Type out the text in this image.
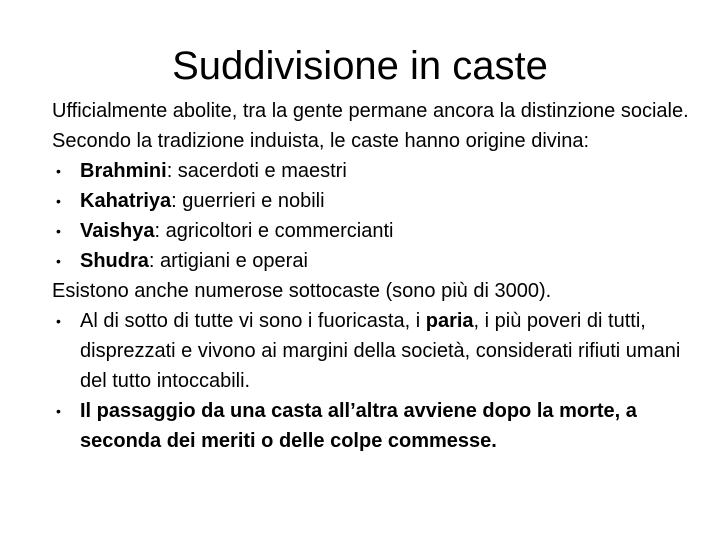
Suddivisione in caste

Ufficialmente abolite, tra la gente permane ancora la distinzione sociale.

Secondo la tradizione induista, le caste hanno origine divina:

• Brahmini: sacerdoti e maestri

• Kahatriya: guerrieri e nobili

• Vaishya: agricoltori e commercianti

• Shudra: artigiani e operai

Esistono anche numerose sottocaste (sono più di 3000).

• Al di sotto di tutte vi sono i fuoricasta, i paria, i più poveri di tutti, disprezzati e vivono ai margini della società, considerati rifiuti umani del tutto intoccabili.

• Il passaggio da una casta all’altra avviene dopo la morte, a seconda dei meriti o delle colpe commesse.
